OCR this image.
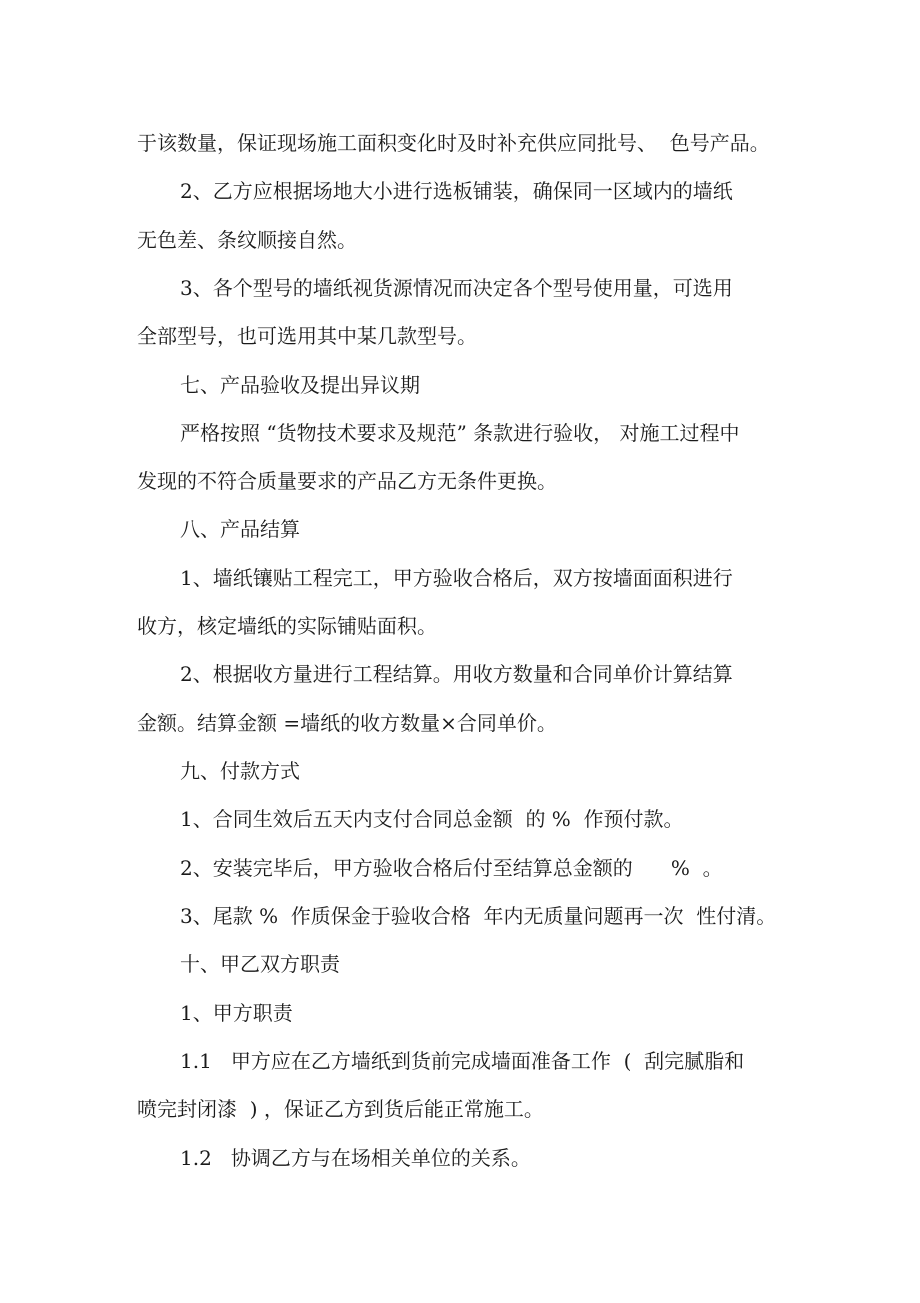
于该数量，保证现场施工面积变化时及时补充供应同批号、  色号产品。

2、乙方应根据场地大小进行选板铺装，确保同一区域内的墙纸

无色差、条纹顺接自然。

3、各个型号的墙纸视货源情况而决定各个型号使用量，可选用

全部型号，也可选用其中某几款型号。

七、产品验收及提出异议期

严格按照 “货物技术要求及规范” 条款进行验收， 对施工过程中

发现的不符合质量要求的产品乙方无条件更换。

八、产品结算

1、墙纸镶贴工程完工，甲方验收合格后，双方按墙面面积进行

收方，核定墙纸的实际铺贴面积。

2、根据收方量进行工程结算。用收方数量和合同单价计算结算

金额。结算金额 =墙纸的收方数量×合同单价。

九、付款方式

1、合同生效后五天内支付合同总金额  的 %  作预付款。

2、安装完毕后，甲方验收合格后付至结算总金额的      %  。

3、尾款 %  作质保金于验收合格  年内无质量问题再一次  性付清。

十、甲乙双方职责

1、甲方职责

1.1   甲方应在乙方墙纸到货前完成墙面准备工作  (  刮完腻脂和

喷完封闭漆  ) ，保证乙方到货后能正常施工。

1.2   协调乙方与在场相关单位的关系。
